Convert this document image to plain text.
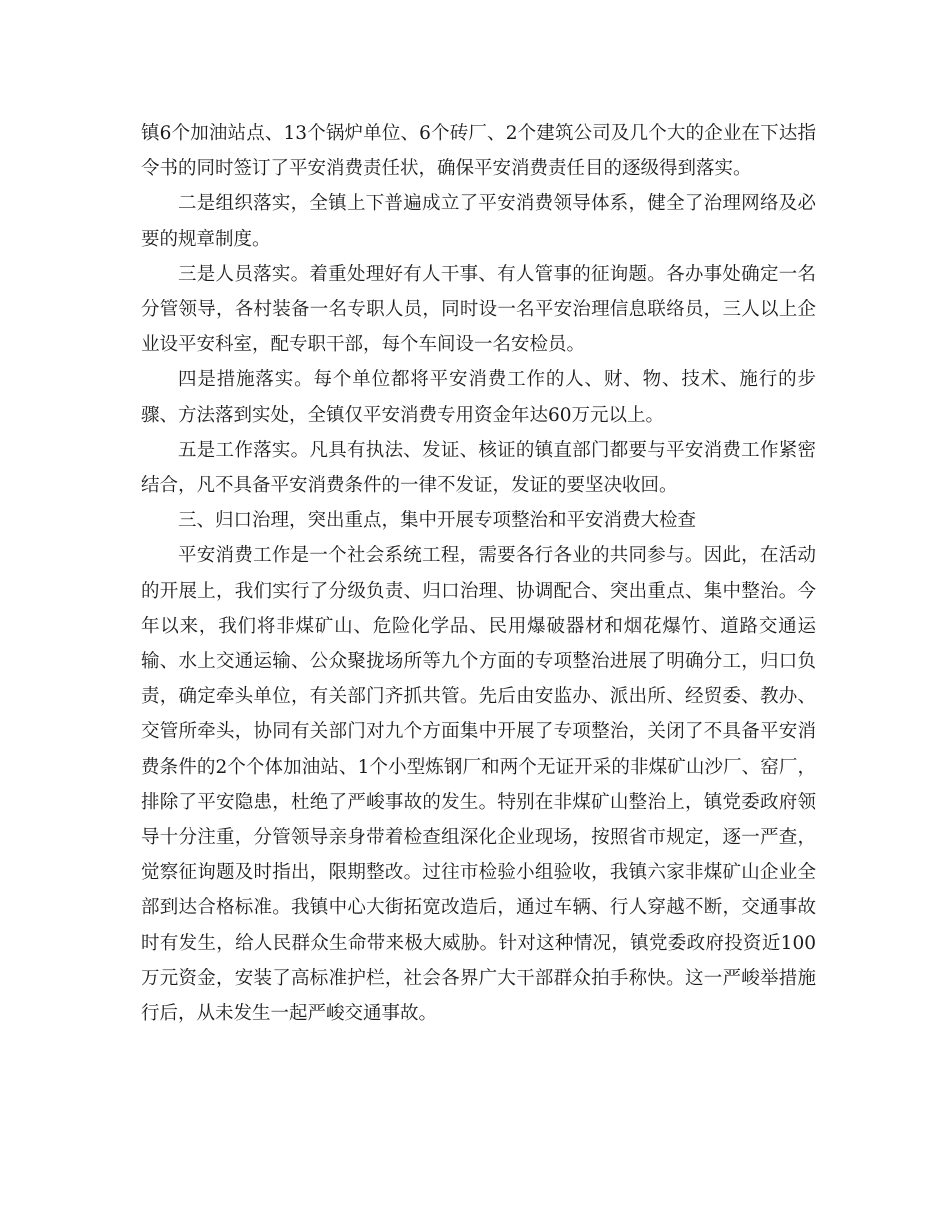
镇6个加油站点、13个锅炉单位、6个砖厂、2个建筑公司及几个大的企业在下达指令书的同时签订了平安消费责任状，确保平安消费责任目的逐级得到落实。

二是组织落实，全镇上下普遍成立了平安消费领导体系，健全了治理网络及必要的规章制度。

三是人员落实。着重处理好有人干事、有人管事的征询题。各办事处确定一名分管领导，各村装备一名专职人员，同时设一名平安治理信息联络员，三人以上企业设平安科室，配专职干部，每个车间设一名安检员。

四是措施落实。每个单位都将平安消费工作的人、财、物、技术、施行的步骤、方法落到实处，全镇仅平安消费专用资金年达60万元以上。

五是工作落实。凡具有执法、发证、核证的镇直部门都要与平安消费工作紧密结合，凡不具备平安消费条件的一律不发证，发证的要坚决收回。

三、归口治理，突出重点，集中开展专项整治和平安消费大检查

平安消费工作是一个社会系统工程，需要各行各业的共同参与。因此，在活动的开展上，我们实行了分级负责、归口治理、协调配合、突出重点、集中整治。今年以来，我们将非煤矿山、危险化学品、民用爆破器材和烟花爆竹、道路交通运输、水上交通运输、公众聚拢场所等九个方面的专项整治进展了明确分工，归口负责，确定牵头单位，有关部门齐抓共管。先后由安监办、派出所、经贸委、教办、交管所牵头，协同有关部门对九个方面集中开展了专项整治，关闭了不具备平安消费条件的2个个体加油站、1个小型炼钢厂和两个无证开采的非煤矿山沙厂、窑厂，排除了平安隐患，杜绝了严峻事故的发生。特别在非煤矿山整治上，镇党委政府领导十分注重，分管领导亲身带着检查组深化企业现场，按照省市规定，逐一严查，觉察征询题及时指出，限期整改。过往市检验小组验收，我镇六家非煤矿山企业全部到达合格标准。我镇中心大街拓宽改造后，通过车辆、行人穿越不断，交通事故时有发生，给人民群众生命带来极大威胁。针对这种情况，镇党委政府投资近100万元资金，安装了高标准护栏，社会各界广大干部群众拍手称快。这一严峻举措施行后，从未发生一起严峻交通事故。
